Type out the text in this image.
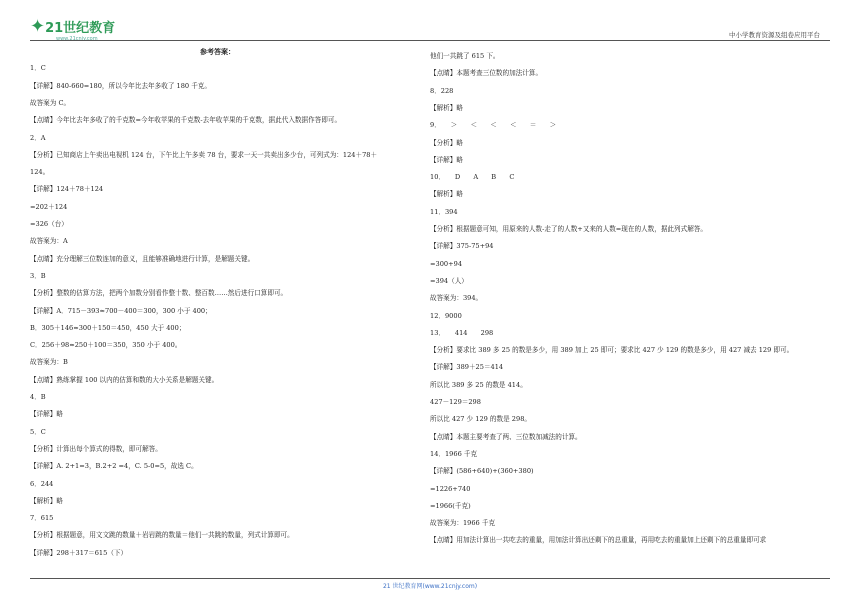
✦ 21世纪教育
www.21cnjy.com	中小学教育资源及组卷应用平台
参考答案：
1．C
【详解】840-660=180，所以今年比去年多收了 180 千克。
故答案为 C。
【点睛】今年比去年多收了的千克数=今年收苹果的千克数-去年收苹果的千克数，据此代入数据作答即可。
2．A
【分析】已知商店上午卖出电视机 124 台，下午比上午多卖 78 台，要求一天一共卖出多少台，可列式为：124＋78＋
124。
【详解】124＋78＋124
=202＋124
=326（台）
故答案为：A
【点睛】充分理解三位数连加的意义，且能够准确地进行计算，是解题关键。
3．B
【分析】整数的估算方法，把两个加数分别看作整十数、整百数……然后进行口算即可。
【详解】A．715－393≈700－400＝300，300 小于 400；
B．305＋146≈300＋150＝450，450 大于 400；
C．256＋98≈250＋100＝350，350 小于 400。
故答案为：B
【点睛】熟练掌握 100 以内的估算和数的大小关系是解题关键。
4．B
【详解】略
5．C
【分析】计算出每个算式的得数，即可解答。
【详解】A. 2+1=3，B.2+2 =4，C. 5-0=5，故选 C。
6．244
【解析】略
7．615
【分析】根据题意，用文文跳的数量＋岩岩跳的数量＝他们一共跳的数量，列式计算即可。
【详解】298＋317＝615（下）
他们一共跳了 615 下。
【点睛】本题考查三位数的加法计算。
8．228
【解析】略
9．　　＞　　＜　　＜　　＜　　＝　　＞
【分析】略
【详解】略
10．　　D　　A　　B　　C
【解析】略
11．394
【分析】根据题意可知，用原来的人数-走了的人数+又来的人数=现在的人数，据此列式解答。
【详解】375-75+94
=300+94
=394（人）
故答案为：394。
12．9000
13．　　414　　298
【分析】要求比 389 多 25 的数是多少，用 389 加上 25 即可；要求比 427 少 129 的数是多少，用 427 减去 129 即可。
【详解】389＋25＝414
所以比 389 多 25 的数是 414。
427－129＝298
所以比 427 少 129 的数是 298。
【点睛】本题主要考查了两、三位数加减法的计算。
14．1966 千克
【详解】(586+640)+(360+380)
=1226+740
=1966(千克)
故答案为：1966 千克
【点睛】用加法计算出一共吃去的重量，用加法计算出还剩下的总重量，再用吃去的重量加上还剩下的总重量即可求
21 世纪教育网(www.21cnjy.com)
